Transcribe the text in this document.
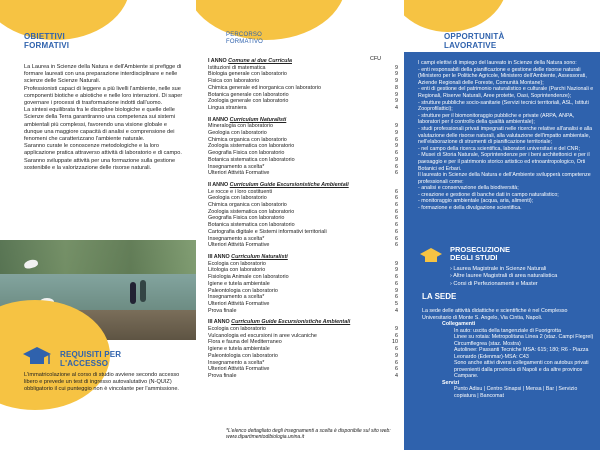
OBIETTIVI
FORMATIVI
La Laurea in Scienze della Natura e dell'Ambiente si prefigge di formare laureati con una preparazione interdisciplinare e nelle scienze delle Scienze Naturali.
Professionisti capaci di leggere a più livelli l'ambiente, nelle sue componenti biotiche e abiotiche e nelle loro interazioni. Di saper governare i processi di trasformazione indotti dall'uomo.
La sintesi equilibrata fra le discipline biologiche e quelle delle Scienze della Terra garantiranno una competenza sui sistemi ambientali più complessi, favorendo una visione globale e dunque una maggiore capacità di analisi e comprensione dei fenomeni che caratterizzano l'ambiente naturale.
Saranno curate le conoscenze metodologiche e la loro applicazione pratica attraverso attività di laboratorio e di campo. Saranno sviluppate attività per una formazione sulla gestione sostenibile e la valorizzazione delle risorse naturali.
REQUISITI PER
L'ACCESSO
L'immatricolazione al corso di studio avviene secondo accesso libero e prevede un test di ingresso autovalutativo (N-QUIZ) obbligatorio il cui punteggio non è vincolante per l'ammissione.
PERCORSO
FORMATIVO
CFU
I ANNO Comune ai due Curricula
Istituzioni di matematica	9
Biologia generale con laboratorio	9
Fisica con laboratorio	9
Chimica generale ed inorganica con laboratorio	8
Botanica generale con laboratorio	9
Zoologia generale con laboratorio	9
Lingua straniera	4
II ANNO Curriculum Naturalisti
Mineralogia con laboratorio	9
Geologia con laboratorio	9
Chimica organica con laboratorio	6
Zoologia sistematica con laboratorio	9
Geografia Fisica con laboratorio	6
Botanica sistematica con laboratorio	9
Insegnamento a scelta*	6
Ulteriori Attività Formative	6
II ANNO Curriculum Guide Escursionistiche Ambientali
Le rocce e i loro costituenti	6
Geologia con laboratorio	6
Chimica organica con laboratorio	6
Zoologia sistematica con laboratorio	6
Geografia Fisica con laboratorio	6
Botanica sistematica con laboratorio	6
Cartografia digitale e Sistemi informativi territoriali	6
Insegnamento a scelta*	6
Ulteriori Attività Formative	6
III ANNO Curriculum Naturalisti
Ecologia con laboratorio	9
Litologia con laboratorio	9
Fisiologia Animale con laboratorio	6
Igiene e tutela ambientale	6
Paleontologia con laboratorio	9
Insegnamento a scelta*	6
Ulteriori Attività Formative	5
Prova finale	4
III ANNO Curriculum Guide Escursionistiche Ambientali
Ecologia con laboratorio	9
Vulcanologia ed escursioni in aree vulcaniche	6
Flora e fauna del Mediterraneo	10
Igiene e tutela ambientale	6
Paleontologia con laboratorio	9
Insegnamento a scelta*	6
Ulteriori Attività Formative	6
Prova finale	4
*L'elenco dettagliato degli insegnamenti a scelta è disponibile sul sito web: www.dipartimentodibiologia.unina.it
OPPORTUNITÀ
LAVORATIVE
I campi elettivi di impiego del laureato in Scienze della Natura sono:
- enti responsabili della pianificazione e gestione delle risorse naturali (Ministero per le Politiche Agricole, Ministero dell'Ambiente, Assessorati, Aziende Regionali delle Foreste, Comunità Montane);
- enti di gestione del patrimonio naturalistico e culturale (Parchi Nazionali e Regionali, Riserve Naturali, Aree protette, Oasi, Soprintendenze);
- strutture pubbliche socio-sanitarie (Servizi tecnici territoriali, ASL, Istituti Zooprofilattici);
- strutture per il biomonitoraggio pubbliche e private (ARPA, ANPA, laboratori per il controllo della qualità ambientale);
- studi professionali privati impegnati nelle ricerche relative all'analisi e alla valutazione delle risorse naturali, alla valutazione dell'impatto ambientale, nell'elaborazione di strumenti di pianificazione territoriale;
- nel campo della ricerca scientifica, laboratori universitari e del CNR;
- Musei di Storia Naturale, Soprintendenze per i beni architettonici e per il paesaggio e per il patrimonio storico artistico ed etnoantropologico, Orti Botanici ed Erbari.
Il laureato in Scienze della Natura e dell'Ambiente svilupperà competenze professionali come:
- analisi e conservazione della biodiversità;
- creazione e gestione di banche dati in campo naturalistico;
- monitoraggio ambientale (acqua, aria, alimenti);
- formazione e della divulgazione scientifica.
PROSECUZIONE
DEGLI STUDI
› Laurea Magistrale in Scienze Naturali
› Altre lauree Magistrali di area naturalistica
› Corsi di Perfezionamenti e Master
LA SEDE
La sede delle attività didattiche e scientifiche è nel Complesso Universitario di Monte S. Angelo, Via Cintia, Napoli.
Collegamenti
In auto: uscita della tangenziale di Fuorigrotta
Linee su rotaia: Metropolitana Linea 2 (staz. Campi Flegrei) Circumflegrea (staz. Mostra)
Autolinee: Passanti Tecniche MSA: 615; 180; R6 - Piazza Leonardo (Edenmar)-MSA: C43
Sono anche attivi diversi collegamenti con autobus privati provenienti dalla provincia di Napoli e da altre province Campane.
Servizi
Punto Adisu | Centro Sinapsi | Mensa | Bar | Servizio copiatura | Bancomat
